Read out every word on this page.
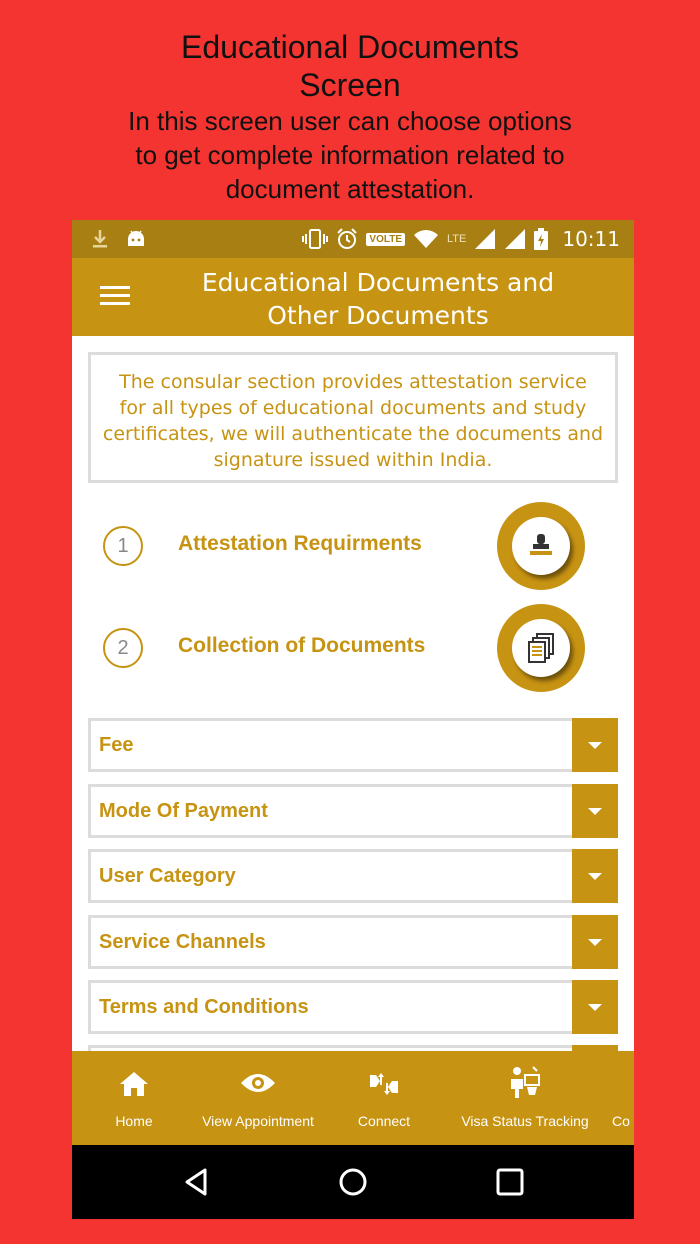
Educational Documents
Screen
In this screen user can choose options
to get complete information related to
document attestation.
VOLTE	LTE	10:11
Educational Documents and
Other Documents
The consular section provides attestation service
for all types of educational documents and study
certificates, we will authenticate the documents and
signature issued within India.
1	Attestation Requirments
2	Collection of Documents
Fee
Mode Of Payment
User Category
Service Channels
Terms and Conditions
Home	View Appointment	Connect	Visa Status Tracking Co
